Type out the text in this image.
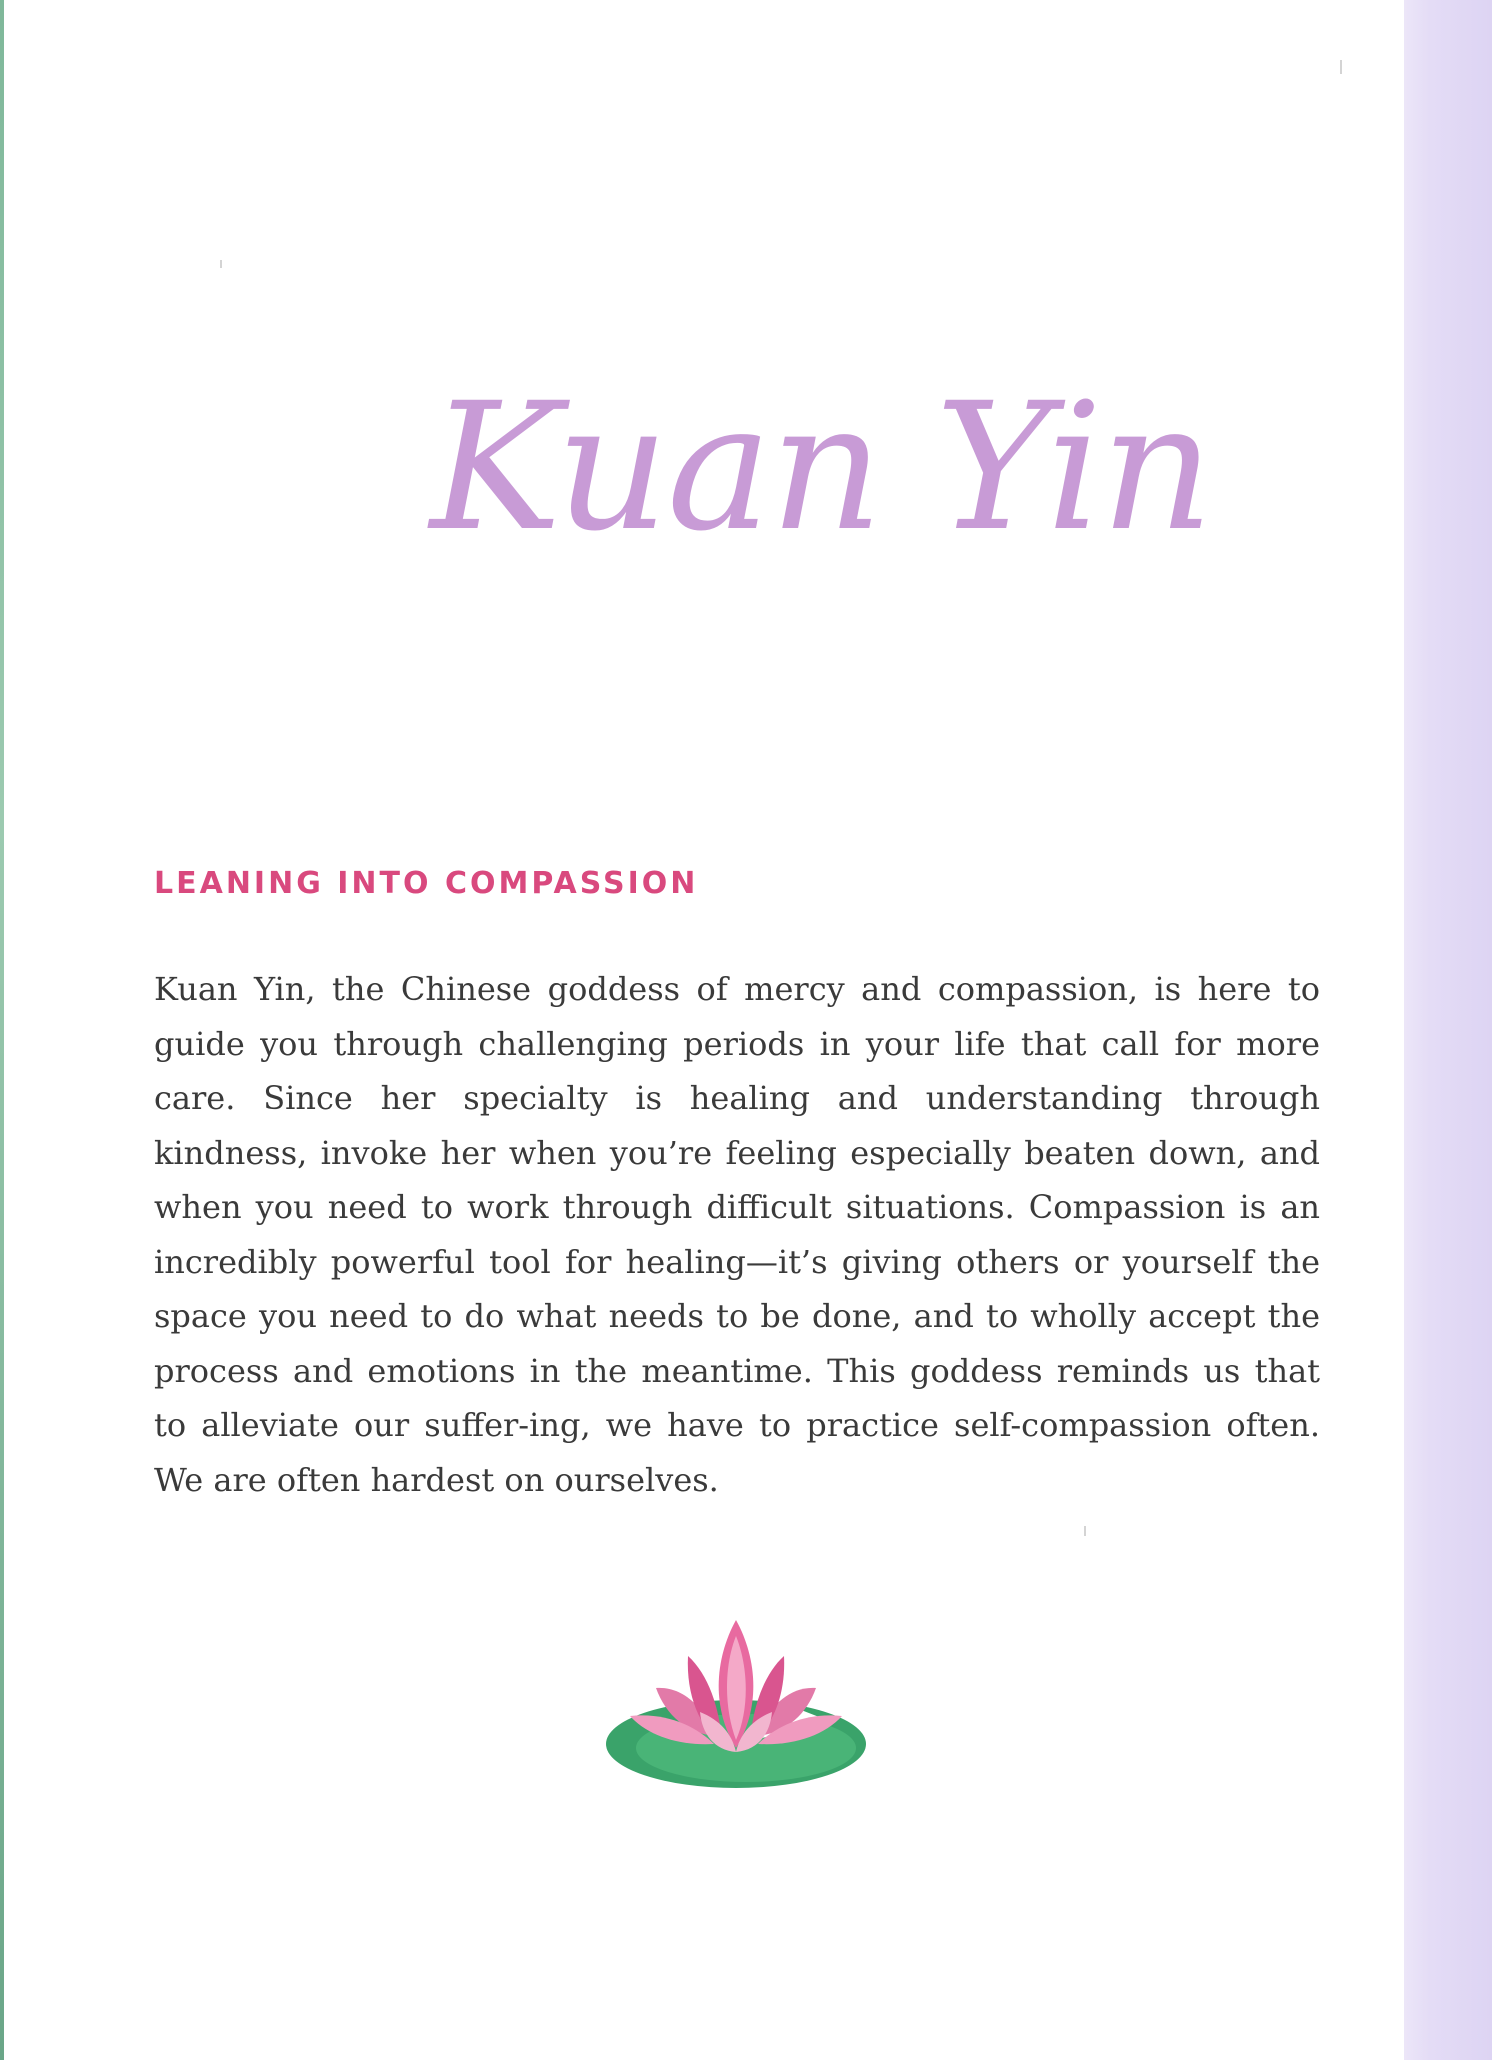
Kuan Yin
LEANING INTO COMPASSION

Kuan Yin, the Chinese goddess of mercy and compassion, is here to guide you through challenging periods in your life that call for more care. Since her specialty is healing and understanding through kindness, invoke her when you’re feeling especially beaten down, and when you need to work through difficult situations. Compassion is an incredibly powerful tool for healing—it’s giving others or yourself the space you need to do what needs to be done, and to wholly accept the process and emotions in the meantime. This goddess reminds us that to alleviate our suffer-ing, we have to practice self-compassion often. We are often hardest on ourselves.
